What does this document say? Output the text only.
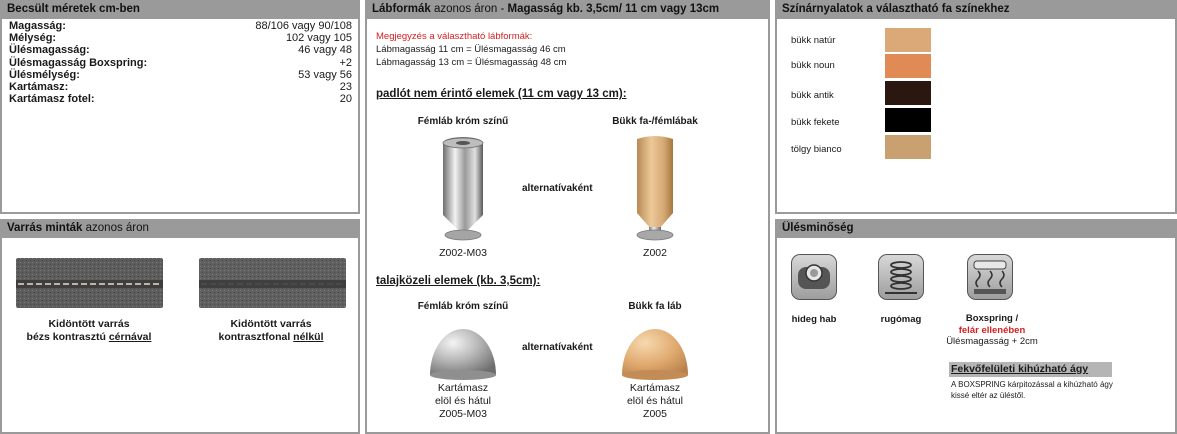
Becsült méretek cm-ben
Magasság:	88/106 vagy 90/108
Mélység:	102 vagy 105
Ülésmagasság:	46 vagy 48
Ülésmagasság Boxspring:	+2
Ülésmélység:	53 vagy 56
Kartámasz:	23
Kartámasz fotel:	20
Varrás minták azonos áron
Kidöntött varrás
bézs kontrasztú cérnával
Kidöntött varrás
kontrasztfonal nélkül
Lábformák azonos áron - Magasság kb. 3,5cm/ 11 cm vagy 13cm
Megjegyzés a választható lábformák:
Lábmagasság 11 cm = Ülésmagasság 46 cm
Lábmagasság 13 cm = Ülésmagasság 48 cm
padlót nem érintő elemek (11 cm vagy 13 cm):
Fémláb króm színű
Z002-M03
alternatívaként
Bükk fa-/fémlábak
Z002
talajközeli elemek (kb. 3,5cm):
Fémláb króm színű
Kartámasz
elöl és hátul
Z005-M03
alternatívaként
Bükk fa láb
Kartámasz
elöl és hátul
Z005
Színárnyalatok a választható fa színekhez
bükk natúr
bükk noun
bükk antik
bükk fekete
tölgy bianco
Ülésminőség
hideg hab	rugómag	Boxspring /
felár ellenében
Ülésmagasság + 2cm
Fekvőfelületi kihúzható ágy
A BOXSPRING kárpitozással a kihúzható ágy kissé eltér az üléstől.
